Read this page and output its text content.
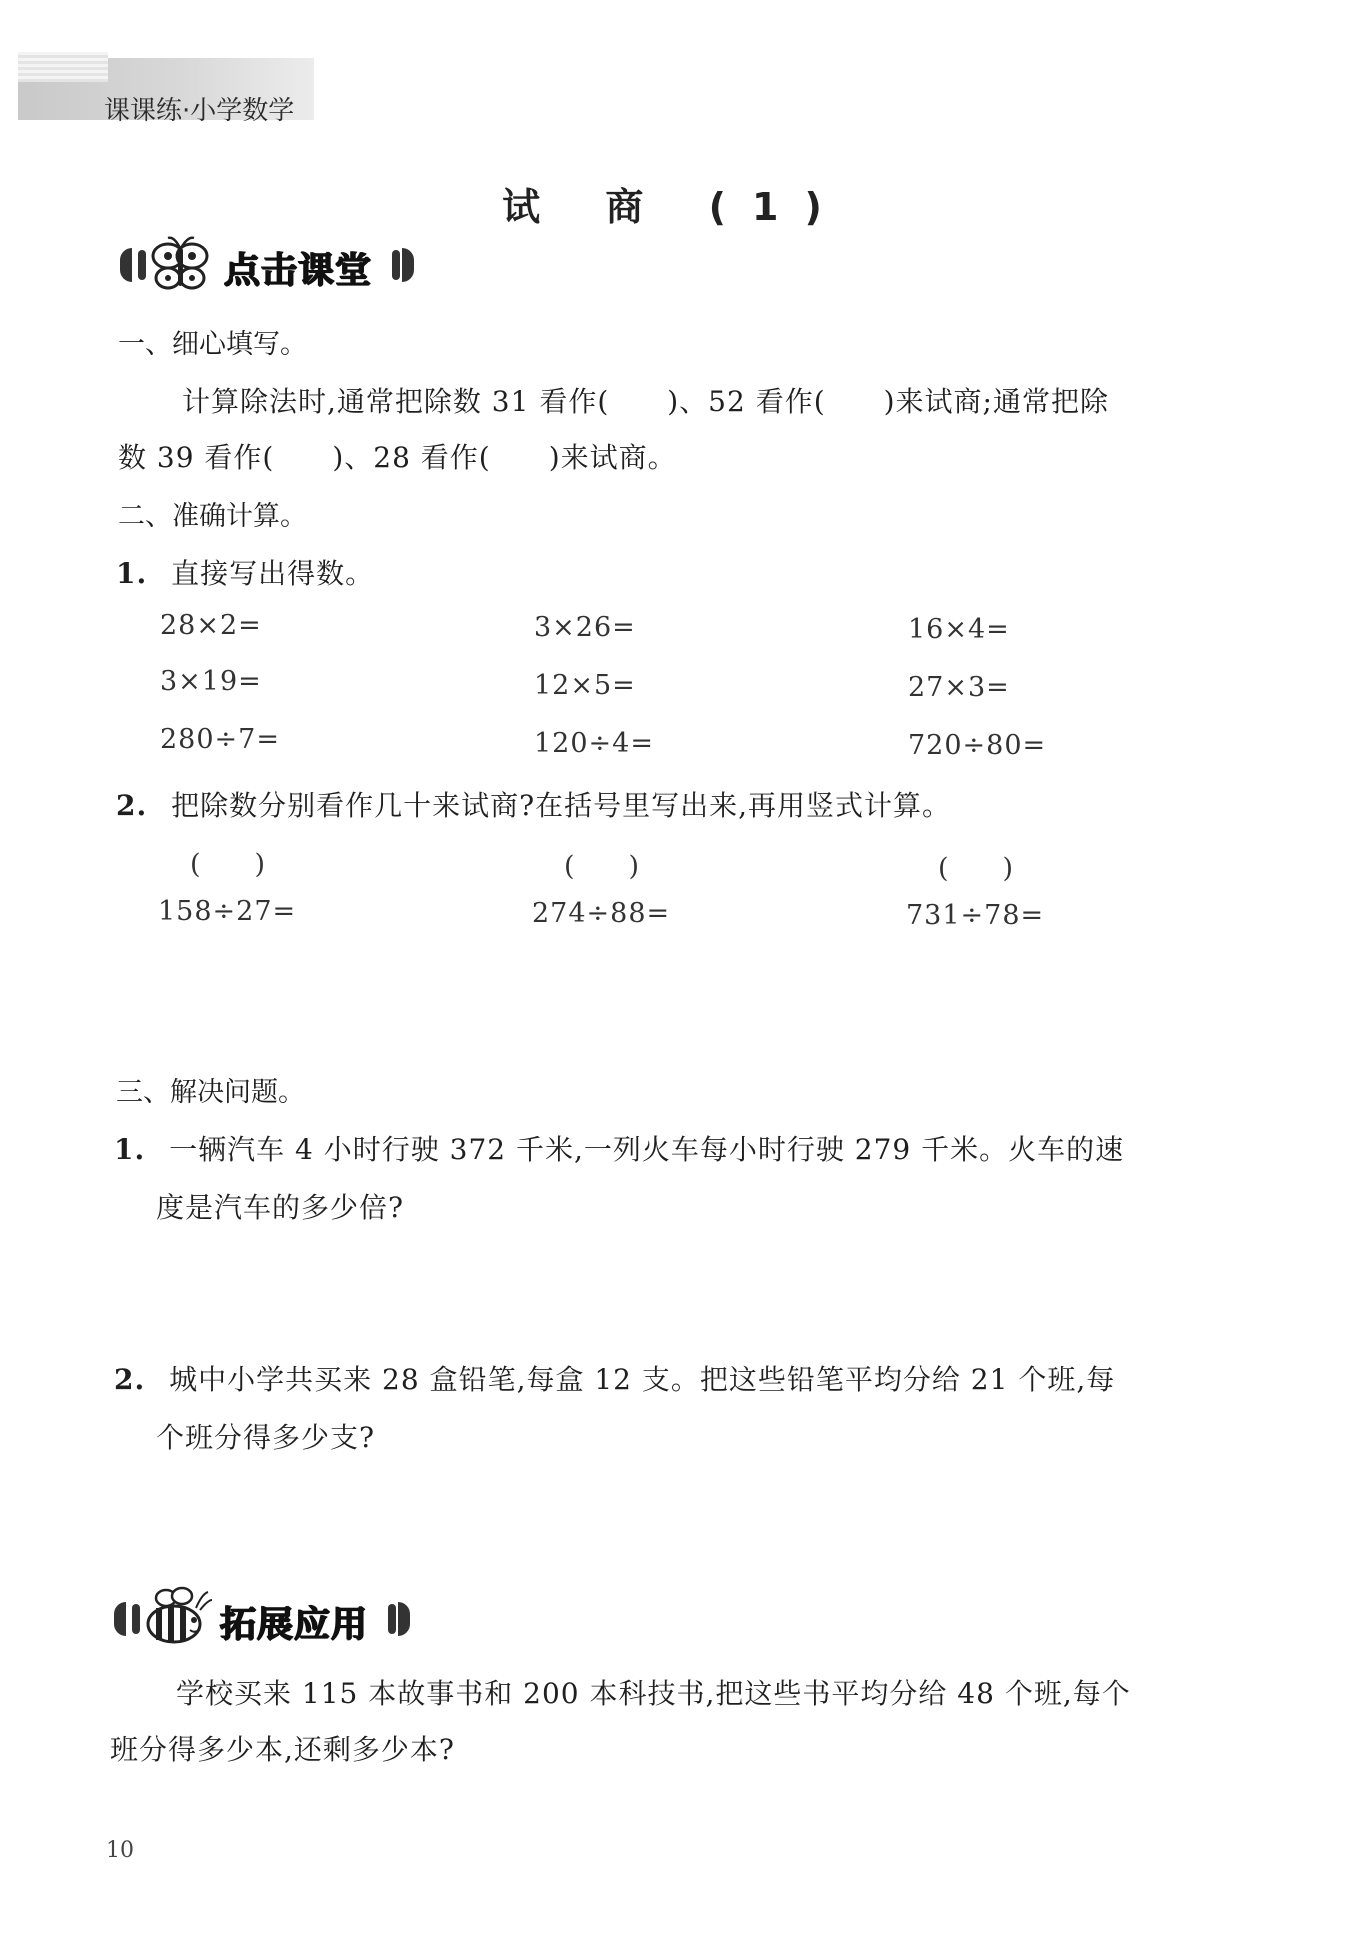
课课练·小学数学
试 商 (1)
点击课堂
一、细心填写。
计算除法时,通常把除数 31 看作(　　)、52 看作(　　)来试商;通常把除
数 39 看作(　　)、28 看作(　　)来试商。
二、准确计算。
1. 直接写出得数。
28×2=	3×26=	16×4=
3×19=	12×5=	27×3=
280÷7=	120÷4=	720÷80=
2. 把除数分别看作几十来试商?在括号里写出来,再用竖式计算。
(　　)	(　　)	(　　)
158÷27=	274÷88=	731÷78=
三、解决问题。
1. 一辆汽车 4 小时行驶 372 千米,一列火车每小时行驶 279 千米。火车的速
度是汽车的多少倍?
2. 城中小学共买来 28 盒铅笔,每盒 12 支。把这些铅笔平均分给 21 个班,每
个班分得多少支?
拓展应用
学校买来 115 本故事书和 200 本科技书,把这些书平均分给 48 个班,每个
班分得多少本,还剩多少本?
10
